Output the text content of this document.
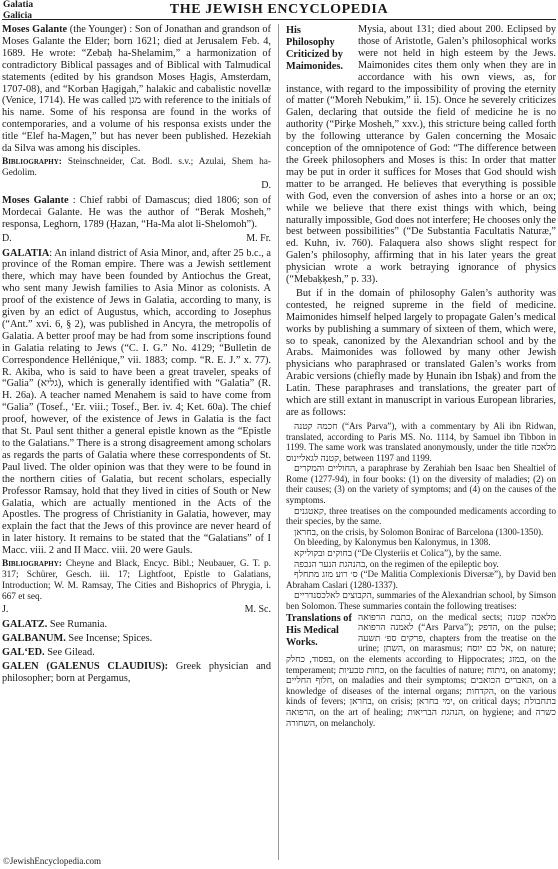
Galatia
Galicia	THE JEWISH ENCYCLOPEDIA

Moses Galante (the Younger) : Son of Jonathan and grandson of Moses Galante the Elder; born 1621; died at Jerusalem Feb. 4, 1689. He wrote: “Zebaḥ ha-Shelamim,” a harmonization of contradictory Biblical passages and of Biblical with Talmudical statements (edited by his grandson Moses Ḥagis, Amsterdam, 1707-08), and “Korban Ḥagigah,” halakic and cabalistic novellæ (Venice, 1714). He was called מגן with reference to the initials of his name. Some of his responsa are found in the works of contemporaries, and a volume of his responsa exists under the title “Elef ha-Magen,” but has never been published. Hezekiah da Silva was among his disciples.

Bibliography: Steinschneider, Cat. Bodl. s.v.; Azulai, Shem ha-Gedolim.

D.

Moses Galante : Chief rabbi of Damascus; died 1806; son of Mordecai Galante. He was the author of “Berak Mosheh,” responsa, Leghorn, 1789 (Ḥazan, “Ha-Ma alot li-Shelomoh”).

D.	M. Fr.

GALATIA: An inland district of Asia Minor, and, after 25 b.c., a province of the Roman empire. There was a Jewish settlement there, which may have been founded by Antiochus the Great, who sent many Jewish families to Asia Minor as colonists. A proof of the existence of Jews in Galatia, according to many, is given by an edict of Augustus, which, according to Josephus (“Ant.” xvi. 6, § 2), was published in Ancyra, the metropolis of Galatia. A better proof may be had from some inscriptions found in Galatia relating to Jews (“C. I. G.” No. 4129; “Bulletin de Correspondence Hellénique,” vii. 1883; comp. “R. E. J.” x. 77). R. Akiba, who is said to have been a great traveler, speaks of “Galia” (גליא), which is generally identified with “Galatia” (R. H. 26a). A teacher named Menahem is said to have come from “Galia” (Tosef., ‘Er. viii.; Tosef., Ber. iv. 4; Ket. 60a). The chief proof, however, of the existence of Jews in Galatia is the fact that St. Paul sent thither a general epistle known as the “Epistle to the Galatians.” There is a strong disagreement among scholars as regards the parts of Galatia where these correspondents of St. Paul lived. The older opinion was that they were to be found in the northern cities of Galatia, but recent scholars, especially Professor Ramsay, hold that they lived in cities of South or New Galatia, which are actually mentioned in the Acts of the Apostles. The progress of Christianity in Galatia, however, may explain the fact that the Jews of this province are never heard of in later history. It remains to be stated that the “Galatians” of I Macc. viii. 2 and II Macc. viii. 20 were Gauls.

Bibliography: Cheyne and Black, Encyc. Bibl.; Neubauer, G. T. p. 317; Schürer, Gesch. iii. 17; Lightfoot, Epistle to Galatians, Introduction; W. M. Ramsay, The Cities and Bishoprics of Phrygia, i. 667 et seq.

J.	M. Sc.

GALATZ. See Rumania.

GALBANUM. See Incense; Spices.

GAL‘ED. See Gilead.

GALEN (GALENUS CLAUDIUS): Greek physician and philosopher; born at Pergamus,

His Philosophy Criticized by Maimonides.
Mysia, about 131; died about 200. Eclipsed by those of Aristotle, Galen’s philosophical works were not held in high esteem by the Jews. Maimonides cites them only when they are in accordance with his own views, as, for instance, with regard to the impossibility of proving the eternity of matter (“Moreh Nebukim,” ii. 15). Once he severely criticizes Galen, declaring that outside the field of medicine he is no authority (“Pirḳe Mosheh,” xxv.), this stricture being called forth by the following utterance by Galen concerning the Mosaic conception of the omnipotence of God: “The difference between the Greek philosophers and Moses is this: In order that matter may be put in order it suffices for Moses that God should wish matter to be arranged. He believes that everything is possible with God, even the conversion of ashes into a horse or an ox; while we believe that there exist things with which, being naturally impossible, God does not interfere; He chooses only the best between possibilities” (“De Substantia Facultatis Naturæ,” ed. Kuhn, iv. 760). Falaquera also shows slight respect for Galen’s philosophy, affirming that in his later years the great physician wrote a work betraying ignorance of physics (“Mebaḳḳesh,” p. 33).

But if in the domain of philosophy Galen’s authority was contested, he reigned supreme in the field of medicine. Maimonides himself helped largely to propagate Galen’s medical works by publishing a summary of sixteen of them, which were, so to speak, canonized by the Alexandrian school and by the Arabs. Maimonides was followed by many other Jewish physicians who paraphrased or translated Galen’s works from Arabic versions (chiefly made by Ḥunain ibn Isḥaḳ) and from the Latin. These paraphrases and translations, the greater part of which are still extant in manuscript in various European libraries, are as follows:

חכמה קטנה (“Ars Parva”), with a commentary by Ali ibn Ridwan, translated, according to Paris MS. No. 1114, by Samuel ibn Tibbon in 1199. The same work was translated anonymously, under the title מלאכה קטנה לגאליינוס, between 1197 and 1199.

החוליים והמקרים, a paraphrase by Zerahiah ben Isaac ben Shealtiel of Rome (1277-94), in four books: (1) on the diversity of maladies; (2) on their causes; (3) on the variety of symptoms; and (4) on the causes of the symptoms.

קאטגנים, three treatises on the compounded medicaments according to their species, by the same.

בחראן, on the crisis, by Solomon Bonirac of Barcelona (1300-1350).

On bleeding, by Kalonymus ben Kalonymus, in 1308.

בחוקים ובקוליקא (“De Clysteriis et Colica”), by the same.

בהנהגת הנער הנכפה, on the regimen of the epileptic boy.

ס׳ רוע מזג מתחלף (“De Malitia Complexionis Diversæ”), by David ben Abraham Caslari (1280-1337).

הקבוצים לאלכסנדריים, summaries of the Alexandrian school, by Simson ben Solomon. These summaries contain the following treatises:

Translations of His Medical Works.
כתבת הרפואה, on the medical sects; מלאכה קטנה לאמנה הרפואה (“Ars Parva”); הדפק, on the pulse; פרקים ספ׳ תשעה, chapters from the treatise on the urine; השתן, on marasmus; אל כם יוסח, on nature; בפסוד, כחלק, on the elements according to Hippocrates; במזג, on the temperament; כחות טבעיות, on the faculties of nature; ניתוח, on anatomy; חלוף החליים, on maladies and their symptoms; האברים הכואבים, on a knowledge of diseases of the internal organs; הקדחות, on the various kinds of fevers; בחראן, on crisis; ימי בחראן, on critical days; בתחבולת הרפואה, on the art of healing; הנהגת הבריאות, on hygiene; and כשרה השחורה, on melancholy.

©JewishEncyclopedia.com
